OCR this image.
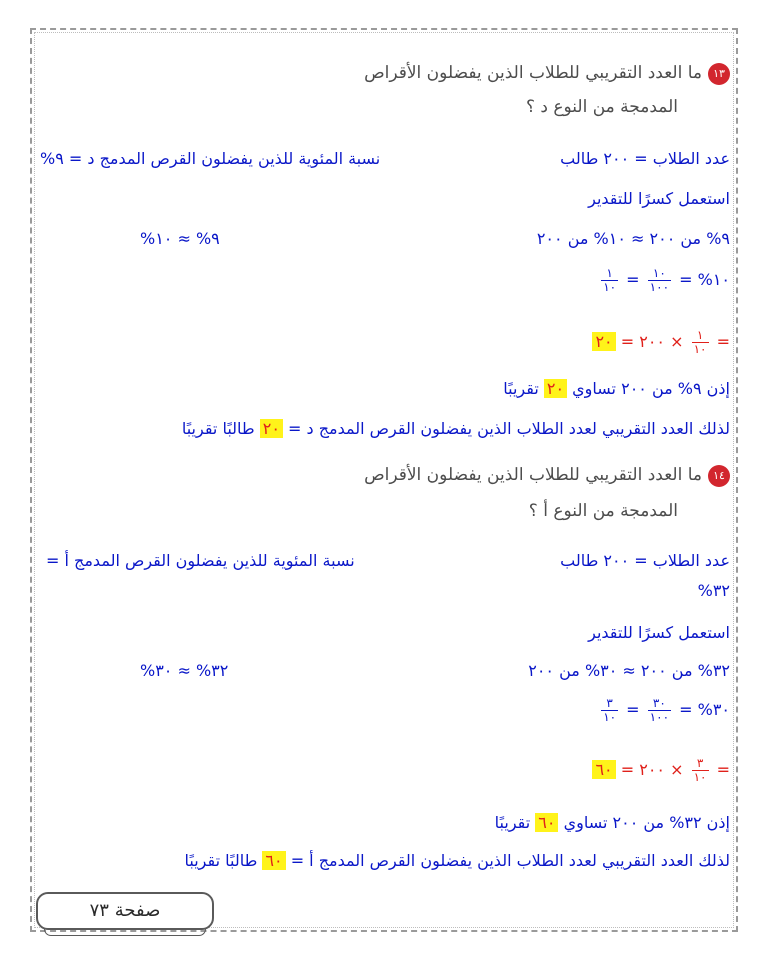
١٣ما العدد التقريبي للطلاب الذين يفضلون الأقراص
المدمجة من النوع د ؟
عدد الطلاب = ٢٠٠ طالب
نسبة المئوية للذين يفضلون القرص المدمج د = ٩%
استعمل كسرًا للتقدير
٩% من ٢٠٠ ≈ ١٠% من ٢٠٠
٩% ≈ ١٠%
١٠% =
$\frac{١٠}{١٠٠}$
=
$\frac{١}{١٠}$
=
$\frac{١}{١٠}$
× ٢٠٠ = ٢٠
إذن ٩% من ٢٠٠ تساوي ٢٠ تقريبًا
لذلك العدد التقريبي لعدد الطلاب الذين يفضلون القرص المدمج د = ٢٠ طالبًا تقريبًا
١٤ما العدد التقريبي للطلاب الذين يفضلون الأقراص
المدمجة من النوع أ ؟
عدد الطلاب = ٢٠٠ طالب
نسبة المئوية للذين يفضلون القرص المدمج أ =
٣٢%
استعمل كسرًا للتقدير
٣٢% من ٢٠٠ ≈ ٣٠% من ٢٠٠
٣٢% ≈ ٣٠%
٣٠% =
$\frac{٣٠}{١٠٠}$
=
$\frac{٣}{١٠}$
=
$\frac{٣}{١٠}$
× ٢٠٠ = ٦٠
إذن ٣٢% من ٢٠٠ تساوي ٦٠ تقريبًا
لذلك العدد التقريبي لعدد الطلاب الذين يفضلون القرص المدمج أ = ٦٠ طالبًا تقريبًا
صفحة ٧٣
